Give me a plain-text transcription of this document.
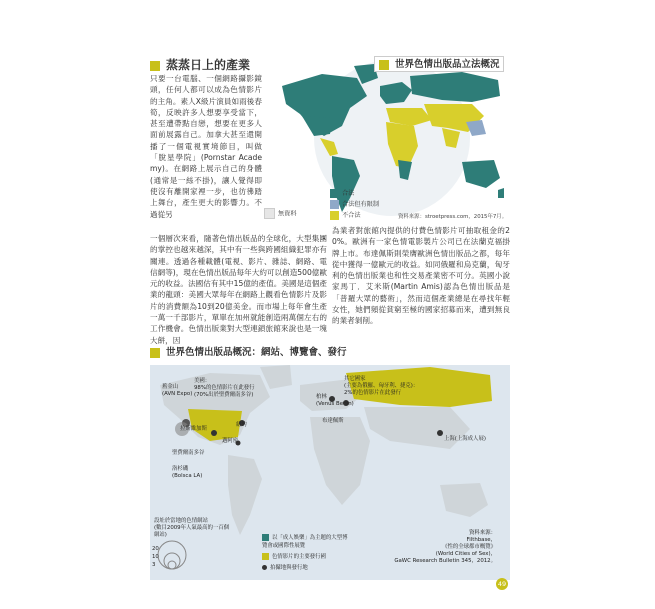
蒸蒸日上的產業
只要一台電腦、一個網路攝影鏡頭，任何人都可以成為色情影片的主角。素人X級片演員如雨後春筍，反映許多人想要享受當下，甚至遭帶點自戀，想要在更多人面前展露自己。加拿大甚至還開播了一個電視實境節目，叫做「脫星學院」(Pornstar Academy)。在網路上展示自己的身體(通常是一絲不掛)，讓人覺得即使沒有離開家裡一步，也彷彿踏上舞台，產生更大的影響力。不過從另
一個層次來看，隨著色情出版品的全球化，大型集團的掌控也越來越深，其中有一些與跨國組織犯罪亦有關連。透過各種載體(電視、影片、雜誌、網路、電信網等)，現在色情出版品每年大約可以創造500億歐元的收益。法國估有其中15億的產值。美國是這個產業的龍頭：美國大眾每年在網路上觀看色情影片及影片的消費額為10到20億美金。而市場上每年會生產一萬一千部影片，單單在加州就能創造兩萬個左右的工作機會。色情出版業對大型連鎖旅館來說也是一塊大餅，因
為業者對旅館內提供的付費色情影片可抽取租金的20%。歐洲有一家色情電影製片公司已在法蘭克福掛牌上市。布達佩斯則榮膺歐洲色情出版品之都，每年從中獲得一億歐元的收益。如同俄羅和烏克蘭，匈牙利的色情出版業也和性交易產業密不可分。英國小說家馬丁．艾米斯(Martin Amis)認為色情出版品是「普羅大眾的藝術」，然而這個產業總是在尋找年輕女性，她們頻從貧窮至極的國家招募而來，遭到無良的業者剝削。
世界色情出版品立法概況
無資料
合法
合法但有限制
不合法	資料來源：stroetpress.com，2015年7月。
世界色情出版品概況：網站、博覽會、發行
美國：
98%的色情影片在此發行
(70%出於聖費爾南多谷)
舊金山
(AVN Expo)
拉斯維加斯
紐約
邁阿密
聖費爾南多谷
洛杉磯
(Bolsca LA)
柏林
(Venus Berlin)
布達佩斯
其它國家
(主要為俄羅、匈牙利、捷克)：
2%的色情影片在此發行
上海(上海成人展)
設址於當地的色情網站
(數目2009年人氣最高的一百個網站)
20
10
3
以「成人娛樂」為主題的大型博覽會或國際性展覽
色情影片的主要發行國
拍攝地與發行地
資料來源：
Filthbase，
《性的全球都市概覽》
(World Cities of Sex)，
GaWC Research Bulletin 345，2012。
49
